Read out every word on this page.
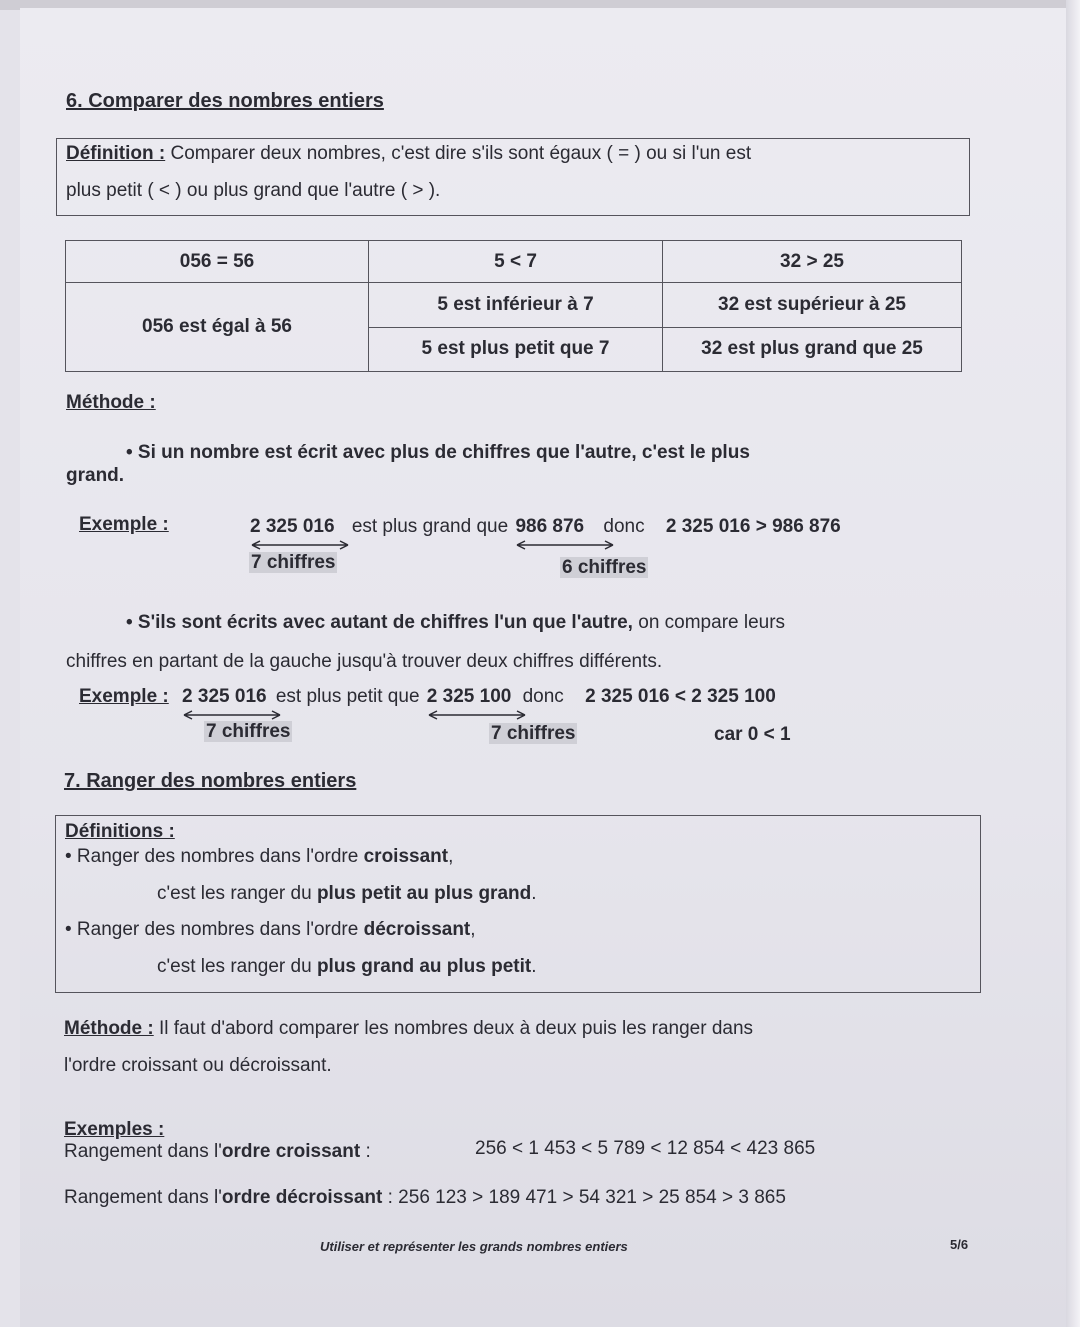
6. Comparer des nombres entiers
Définition : Comparer deux nombres, c'est dire s'ils sont égaux ( = ) ou si l'un est
plus petit ( < ) ou plus grand que l'autre ( > ).
056 = 56	5 < 7	32 > 25
056 est égal à 56	5 est inférieur à 7	32 est supérieur à 25
	5 est plus petit que 7	32 est plus grand que 25
Méthode :
• Si un nombre est écrit avec plus de chiffres que l'autre, c'est le plus
grand.
Exemple :	2 325 016 est plus grand que 986 876 donc 2 325 016 > 986 876
7 chiffres	6 chiffres
• S'ils sont écrits avec autant de chiffres l'un que l'autre, on compare leurs
chiffres en partant de la gauche jusqu'à trouver deux chiffres différents.
Exemple : 2 325 016 est plus petit que 2 325 100 donc 2 325 016 < 2 325 100
7 chiffres	7 chiffres	car 0 < 1
7. Ranger des nombres entiers
Définitions :
• Ranger des nombres dans l'ordre croissant,
c'est les ranger du plus petit au plus grand.
• Ranger des nombres dans l'ordre décroissant,
c'est les ranger du plus grand au plus petit.
Méthode : Il faut d'abord comparer les nombres deux à deux puis les ranger dans
l'ordre croissant ou décroissant.
Exemples :
Rangement dans l'ordre croissant :	256 < 1 453 < 5 789 < 12 854 < 423 865
Rangement dans l'ordre décroissant : 256 123 > 189 471 > 54 321 > 25 854 > 3 865
Utiliser et représenter les grands nombres entiers	5/6
